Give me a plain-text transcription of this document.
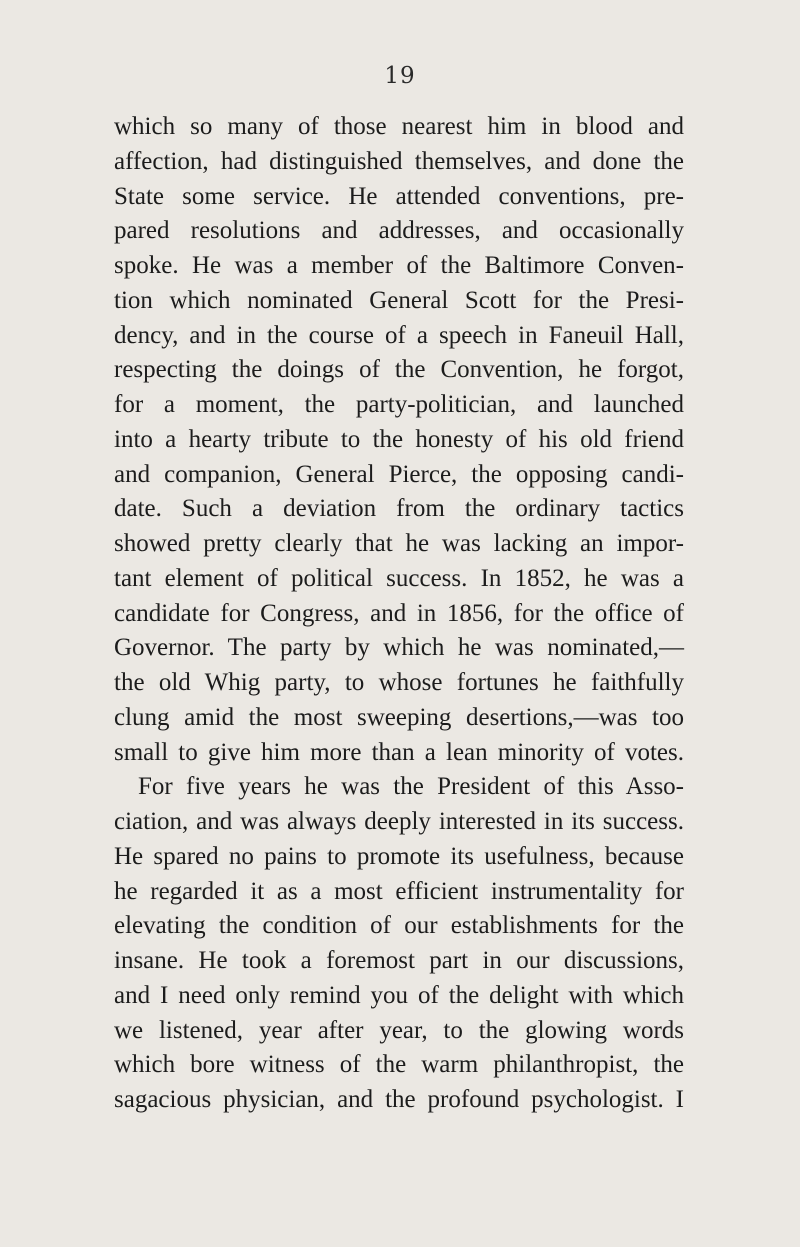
19
which so many of those nearest him in blood and
affection, had distinguished themselves, and done the
State some service. He attended conventions, pre-
pared resolutions and addresses, and occasionally
spoke. He was a member of the Baltimore Conven-
tion which nominated General Scott for the Presi-
dency, and in the course of a speech in Faneuil Hall,
respecting the doings of the Convention, he forgot,
for a moment, the party-politician, and launched
into a hearty tribute to the honesty of his old friend
and companion, General Pierce, the opposing candi-
date. Such a deviation from the ordinary tactics
showed pretty clearly that he was lacking an impor-
tant element of political success. In 1852, he was a
candidate for Congress, and in 1856, for the office of
Governor. The party by which he was nominated,—
the old Whig party, to whose fortunes he faithfully
clung amid the most sweeping desertions,—was too
small to give him more than a lean minority of votes.
For five years he was the President of this Asso-
ciation, and was always deeply interested in its success.
He spared no pains to promote its usefulness, because
he regarded it as a most efficient instrumentality for
elevating the condition of our establishments for the
insane. He took a foremost part in our discussions,
and I need only remind you of the delight with which
we listened, year after year, to the glowing words
which bore witness of the warm philanthropist, the
sagacious physician, and the profound psychologist. I
